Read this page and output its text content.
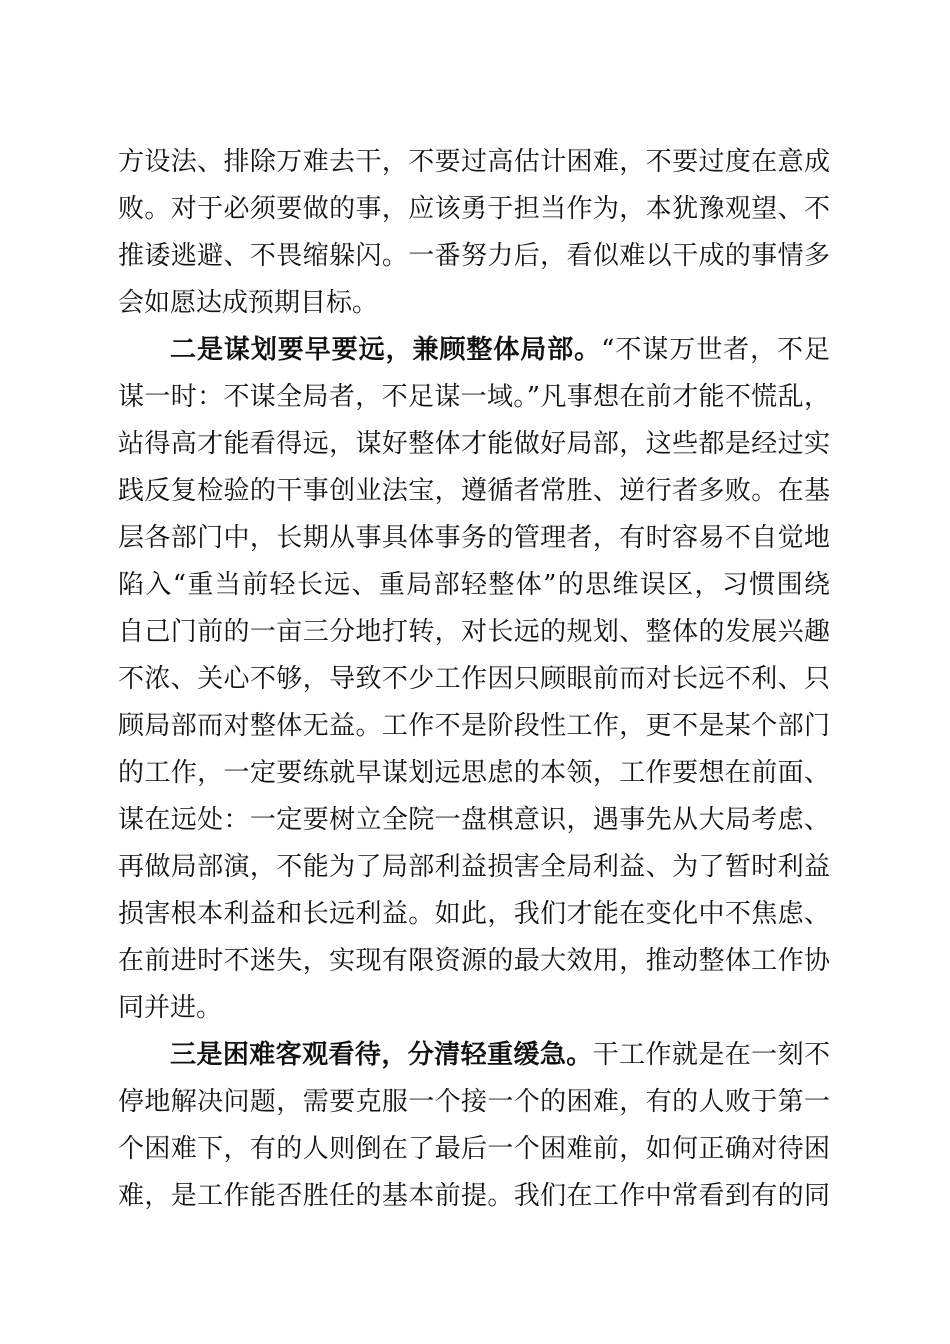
方设法、排除万难去干，不要过高估计困难，不要过度在意成
败。对于必须要做的事，应该勇于担当作为，本犹豫观望、不
推诿逃避、不畏缩躲闪。一番努力后，看似难以干成的事情多
会如愿达成预期目标。
二是谋划要早要远，兼顾整体局部。“不谋万世者，不足
谋一时：不谋全局者，不足谋一域。”凡事想在前才能不慌乱，
站得高才能看得远，谋好整体才能做好局部，这些都是经过实
践反复检验的干事创业法宝，遵循者常胜、逆行者多败。在基
层各部门中，长期从事具体事务的管理者，有时容易不自觉地
陷入“重当前轻长远、重局部轻整体”的思维误区，习惯围绕
自己门前的一亩三分地打转，对长远的规划、整体的发展兴趣
不浓、关心不够，导致不少工作因只顾眼前而对长远不利、只
顾局部而对整体无益。工作不是阶段性工作，更不是某个部门
的工作，一定要练就早谋划远思虑的本领，工作要想在前面、
谋在远处：一定要树立全院一盘棋意识，遇事先从大局考虑、
再做局部演，不能为了局部利益损害全局利益、为了暂时利益
损害根本利益和长远利益。如此，我们才能在变化中不焦虑、
在前进时不迷失，实现有限资源的最大效用，推动整体工作协
同并进。
三是困难客观看待，分清轻重缓急。干工作就是在一刻不
停地解决问题，需要克服一个接一个的困难，有的人败于第一
个困难下，有的人则倒在了最后一个困难前，如何正确对待困
难，是工作能否胜任的基本前提。我们在工作中常看到有的同
